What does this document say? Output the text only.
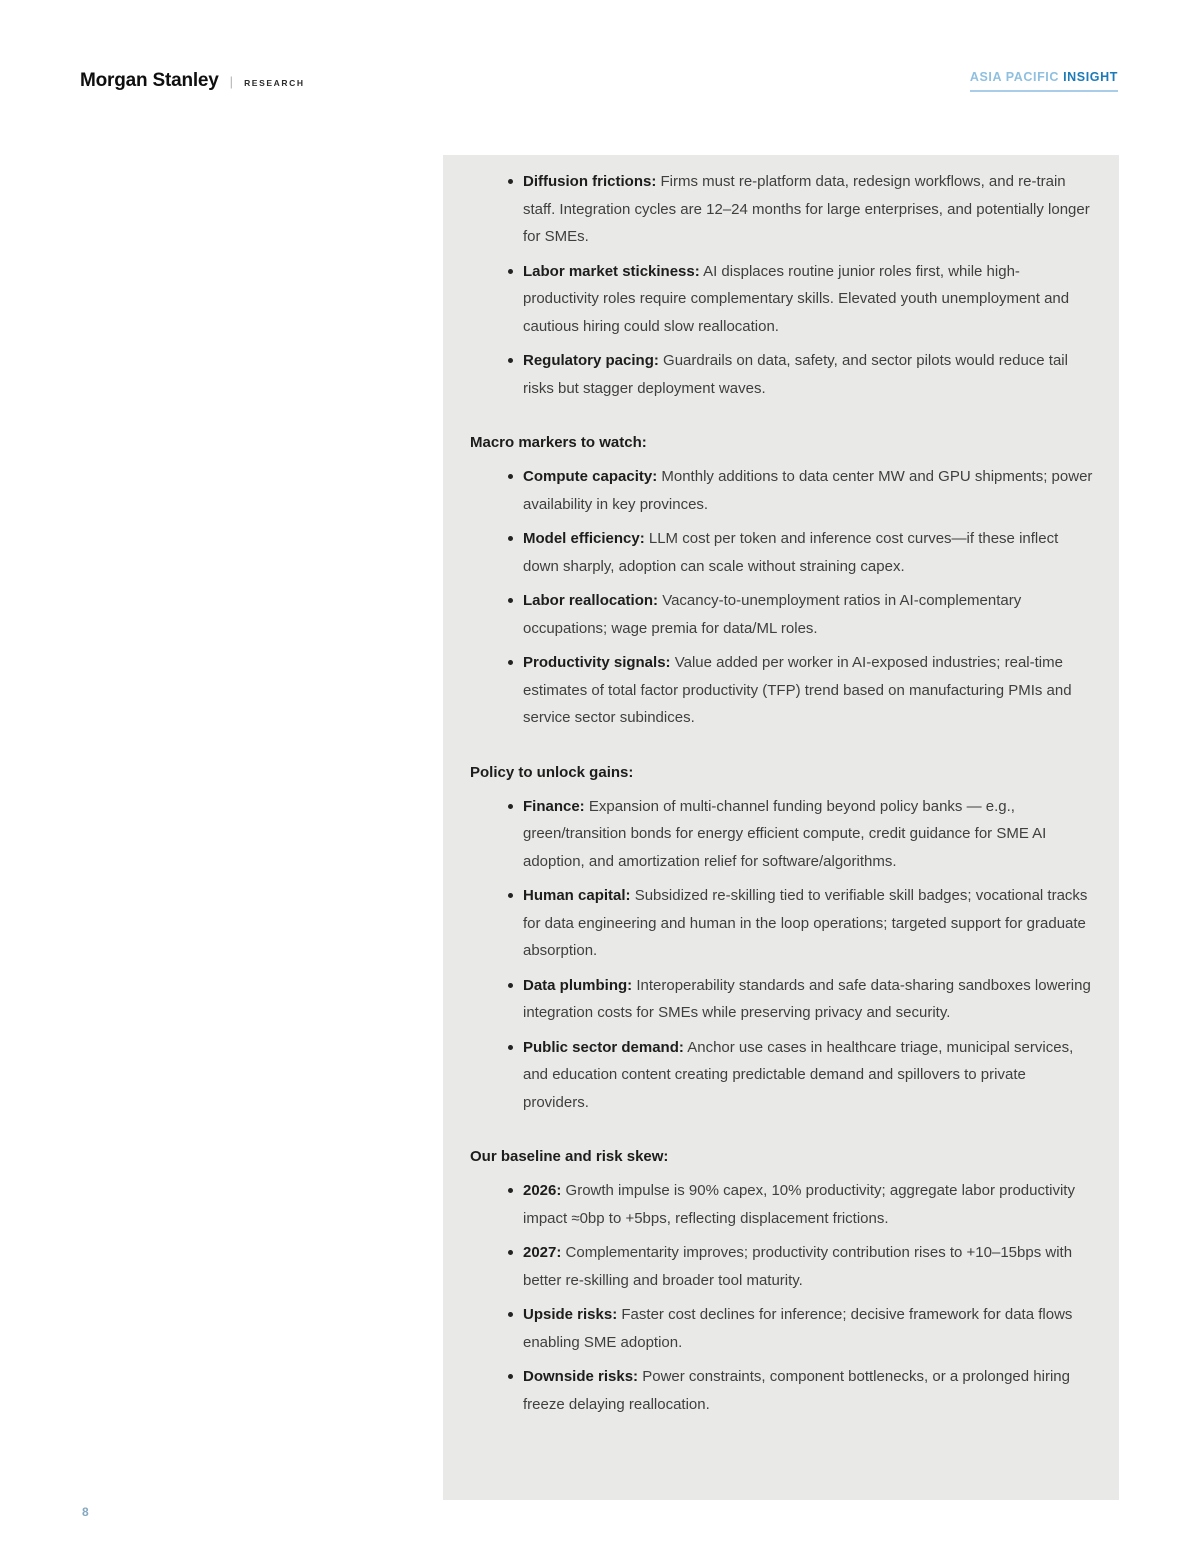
Morgan Stanley | RESEARCH	ASIA PACIFIC INSIGHT

Diffusion frictions: Firms must re-platform data, redesign workflows, and re-train staff. Integration cycles are 12–24 months for large enterprises, and potentially longer for SMEs.

Labor market stickiness: AI displaces routine junior roles first, while high-productivity roles require complementary skills. Elevated youth unemployment and cautious hiring could slow reallocation.

Regulatory pacing: Guardrails on data, safety, and sector pilots would reduce tail risks but stagger deployment waves.

Macro markers to watch:

Compute capacity: Monthly additions to data center MW and GPU shipments; power availability in key provinces.

Model efficiency: LLM cost per token and inference cost curves—if these inflect down sharply, adoption can scale without straining capex.

Labor reallocation: Vacancy-to-unemployment ratios in AI-complementary occupations; wage premia for data/ML roles.

Productivity signals: Value added per worker in AI-exposed industries; real-time estimates of total factor productivity (TFP) trend based on manufacturing PMIs and service sector subindices.

Policy to unlock gains:

Finance: Expansion of multi-channel funding beyond policy banks — e.g., green/transition bonds for energy efficient compute, credit guidance for SME AI adoption, and amortization relief for software/algorithms.

Human capital: Subsidized re-skilling tied to verifiable skill badges; vocational tracks for data engineering and human in the loop operations; targeted support for graduate absorption.

Data plumbing: Interoperability standards and safe data-sharing sandboxes lowering integration costs for SMEs while preserving privacy and security.

Public sector demand: Anchor use cases in healthcare triage, municipal services, and education content creating predictable demand and spillovers to private providers.

Our baseline and risk skew:

2026: Growth impulse is 90% capex, 10% productivity; aggregate labor productivity impact ≈0bp to +5bps, reflecting displacement frictions.

2027: Complementarity improves; productivity contribution rises to +10–15bps with better re-skilling and broader tool maturity.

Upside risks: Faster cost declines for inference; decisive framework for data flows enabling SME adoption.

Downside risks: Power constraints, component bottlenecks, or a prolonged hiring freeze delaying reallocation.

8
